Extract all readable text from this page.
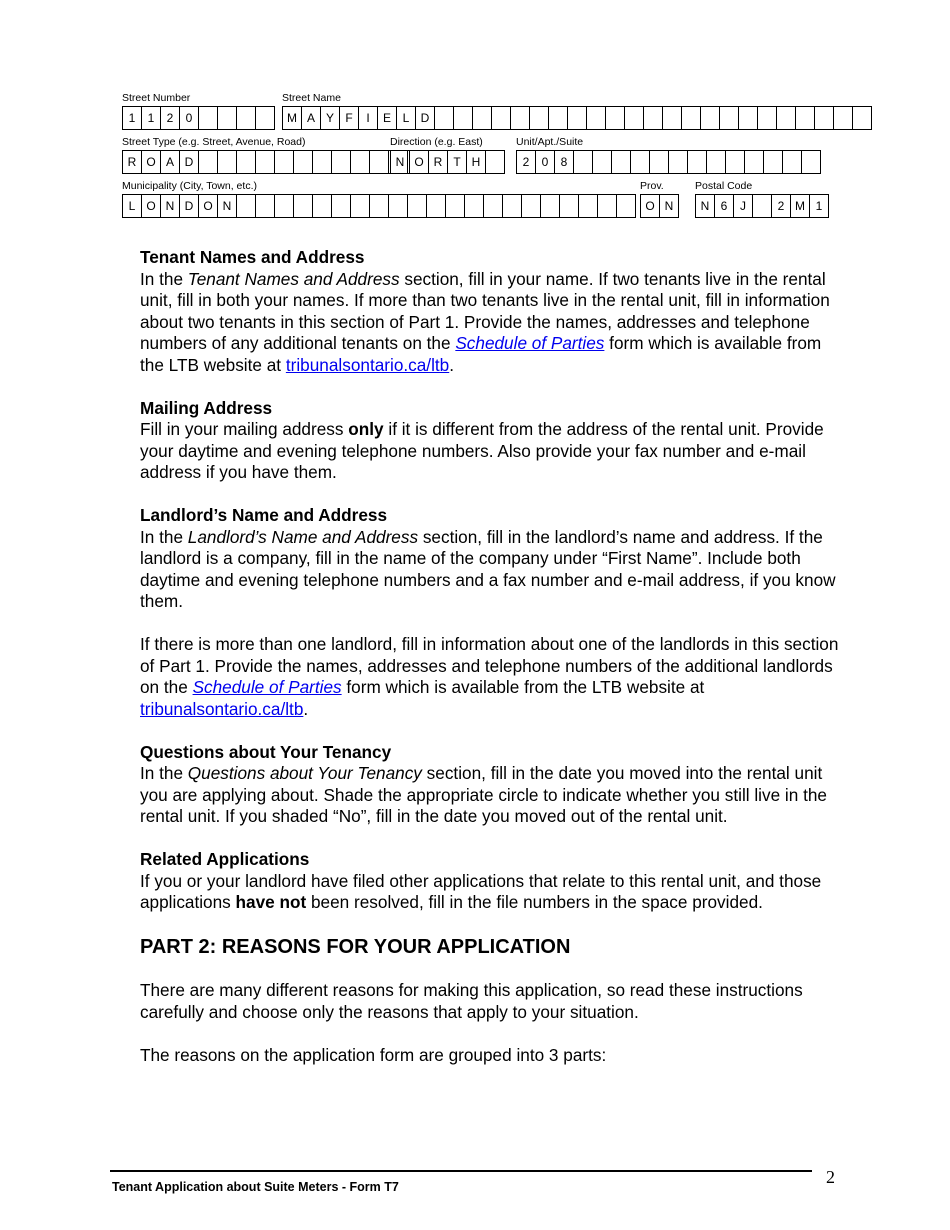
Street Number
1	1	2	0
Street Name
M A Y F	I	E L D
Street Type (e.g. Street, Avenue, Road)
R O A D
Direction (e.g. East)
N O R T H
Unit/Apt./Suite
2	0	8
Municipality (City, Town, etc.)
L O N D O N
Prov.
O N
Postal Code
N 6	J	2 M 1
Tenant Names and Address

In the Tenant Names and Address section, fill in your name. If two tenants live in the rental unit, fill in both your names. If more than two tenants live in the rental unit, fill in information about two tenants in this section of Part 1. Provide the names, addresses and telephone numbers of any additional tenants on the Schedule of Parties form which is available from the LTB website at tribunalsontario.ca/ltb.

Mailing Address

Fill in your mailing address only if it is different from the address of the rental unit. Provide your daytime and evening telephone numbers. Also provide your fax number and e-mail address if you have them.

Landlord’s Name and Address

In the Landlord’s Name and Address section, fill in the landlord’s name and address. If the landlord is a company, fill in the name of the company under “First Name”. Include both daytime and evening telephone numbers and a fax number and e-mail address, if you know them.

If there is more than one landlord, fill in information about one of the landlords in this section of Part 1. Provide the names, addresses and telephone numbers of the additional landlords on the Schedule of Parties form which is available from the LTB website at tribunalsontario.ca/ltb.

Questions about Your Tenancy

In the Questions about Your Tenancy section, fill in the date you moved into the rental unit you are applying about. Shade the appropriate circle to indicate whether you still live in the rental unit. If you shaded “No”, fill in the date you moved out of the rental unit.

Related Applications

If you or your landlord have filed other applications that relate to this rental unit, and those applications have not been resolved, fill in the file numbers in the space provided.

PART 2: REASONS FOR YOUR APPLICATION

There are many different reasons for making this application, so read these instructions carefully and choose only the reasons that apply to your situation.

The reasons on the application form are grouped into 3 parts:

Tenant Application about Suite Meters - Form T7	2
